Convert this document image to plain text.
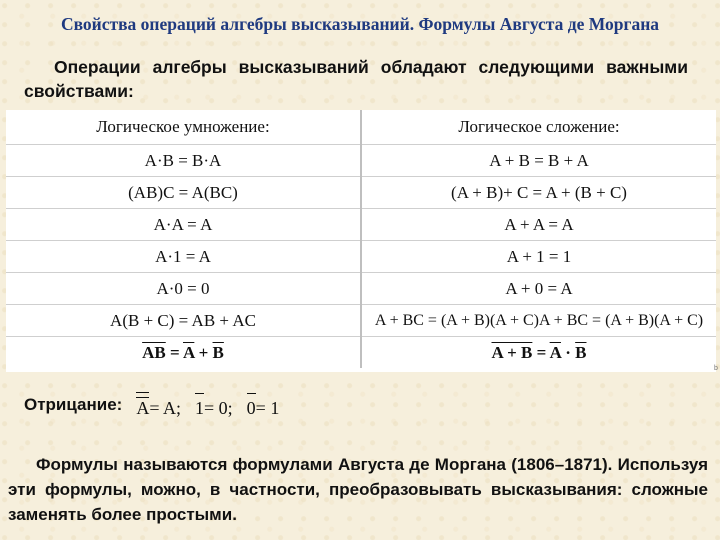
Свойства операций алгебры высказываний. Формулы Августа де Моргана

Операции алгебры высказываний обладают следующими важными свойствами:

Логическое умножение:	Логическое сложение:
A·B = B·A	A + B = B + A
(AB)C = A(BC)	(A + B)+ C = A + (B + C)
A·A = A	A + A = A
A·1 = A	A + 1 = 1
A·0 = 0	A + 0 = A
A(B + C) = AB + AC	A + BC = (A + B)(A + C)A + BC = (A + B)(A + C)
$\overline{AB} = \overline{A} + \overline{B}$	$A + B = \overline{A} \cdot \overline{B}$
b
Отрицание: A = A; 1 = 0; 0 = 1

Формулы называются формулами Августа де Моргана (1806–1871). Используя эти формулы, можно, в частности, преобразовывать высказывания: сложные заменять более простыми.
